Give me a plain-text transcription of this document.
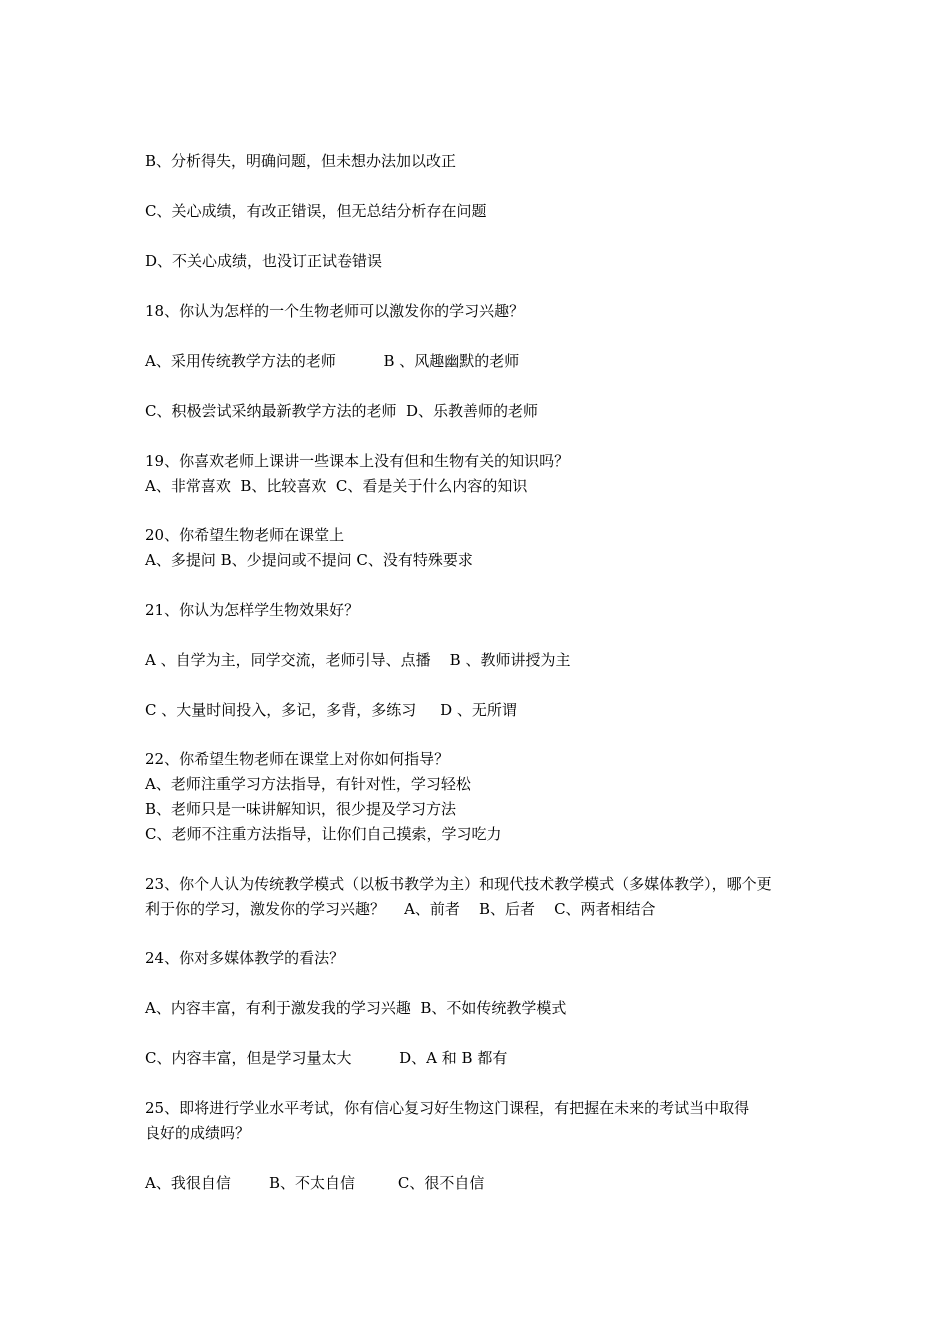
B、分析得失，明确问题，但未想办法加以改正
C、关心成绩，有改正错误，但无总结分析存在问题
D、不关心成绩，也没订正试卷错误
18、你认为怎样的一个生物老师可以激发你的学习兴趣？
A、采用传统教学方法的老师          B 、风趣幽默的老师
C、积极尝试采纳最新教学方法的老师  D、乐教善师的老师
19、你喜欢老师上课讲一些课本上没有但和生物有关的知识吗？
A、非常喜欢  B、比较喜欢  C、看是关于什么内容的知识
20、你希望生物老师在课堂上
A、多提问 B、少提问或不提问 C、没有特殊要求
21、你认为怎样学生物效果好？
A 、自学为主，同学交流，老师引导、点播    B 、教师讲授为主
C 、大量时间投入，多记，多背，多练习     D 、无所谓
22、你希望生物老师在课堂上对你如何指导？
A、老师注重学习方法指导，有针对性，学习轻松
B、老师只是一味讲解知识，很少提及学习方法
C、老师不注重方法指导，让你们自己摸索，学习吃力
23、你个人认为传统教学模式（以板书教学为主）和现代技术教学模式（多媒体教学），哪个更
利于你的学习，激发你的学习兴趣？    A、前者    B、后者    C、两者相结合
24、你对多媒体教学的看法？
A、内容丰富，有利于激发我的学习兴趣  B、不如传统教学模式
C、内容丰富，但是学习量太大          D、A 和 B 都有
25、即将进行学业水平考试，你有信心复习好生物这门课程，有把握在未来的考试当中取得
良好的成绩吗？
A、我很自信        B、不太自信         C、很不自信
